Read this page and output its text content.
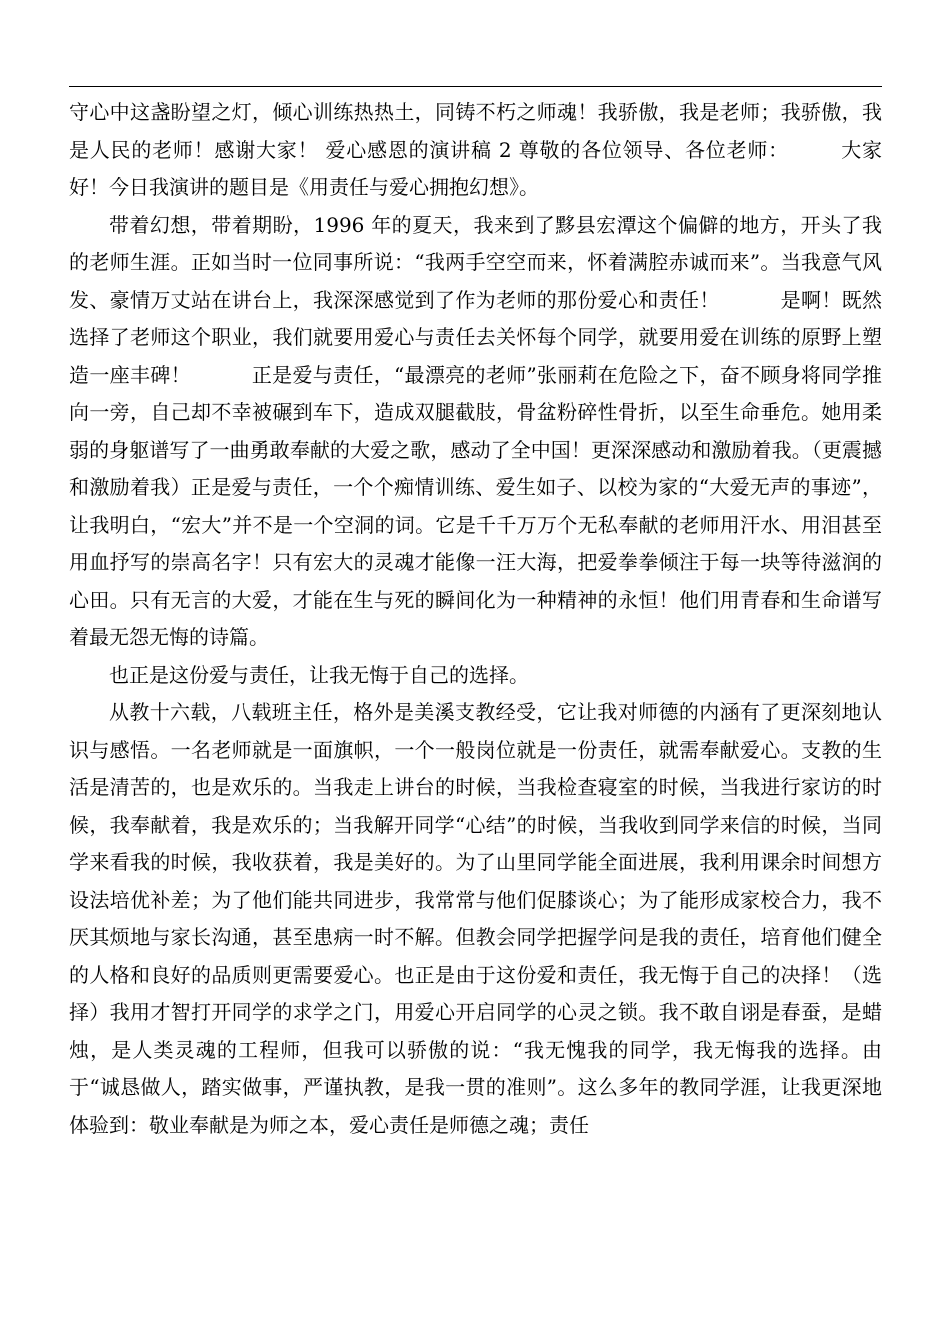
守心中这盏盼望之灯，倾心训练热热土，同铸不朽之师魂！我骄傲，我是老师；我骄傲，我是人民的老师！感谢大家！ 爱心感恩的演讲稿 2 尊敬的各位领导、各位老师：　　　大家好！今日我演讲的题目是《用责任与爱心拥抱幻想》。

带着幻想，带着期盼，1996 年的夏天，我来到了黟县宏潭这个偏僻的地方，开头了我的老师生涯。正如当时一位同事所说：“我两手空空而来，怀着满腔赤诚而来”。当我意气风发、豪情万丈站在讲台上，我深深感觉到了作为老师的那份爱心和责任！　　　是啊！既然选择了老师这个职业，我们就要用爱心与责任去关怀每个同学，就要用爱在训练的原野上塑造一座丰碑！　　　正是爱与责任，“最漂亮的老师”张丽莉在危险之下，奋不顾身将同学推向一旁，自己却不幸被碾到车下，造成双腿截肢，骨盆粉碎性骨折，以至生命垂危。她用柔弱的身躯谱写了一曲勇敢奉献的大爱之歌，感动了全中国！更深深感动和激励着我。（更震撼和激励着我）正是爱与责任，一个个痴情训练、爱生如子、以校为家的“大爱无声的事迹”，让我明白，“宏大”并不是一个空洞的词。它是千千万万个无私奉献的老师用汗水、用泪甚至用血抒写的崇高名字！只有宏大的灵魂才能像一汪大海，把爱拳拳倾注于每一块等待滋润的心田。只有无言的大爱，才能在生与死的瞬间化为一种精神的永恒！他们用青春和生命谱写着最无怨无悔的诗篇。

也正是这份爱与责任，让我无悔于自己的选择。

从教十六载，八载班主任，格外是美溪支教经受，它让我对师德的内涵有了更深刻地认识与感悟。一名老师就是一面旗帜，一个一般岗位就是一份责任，就需奉献爱心。支教的生活是清苦的，也是欢乐的。当我走上讲台的时候，当我检查寝室的时候，当我进行家访的时候，我奉献着，我是欢乐的；当我解开同学“心结”的时候，当我收到同学来信的时候，当同学来看我的时候，我收获着，我是美好的。为了山里同学能全面进展，我利用课余时间想方设法培优补差；为了他们能共同进步，我常常与他们促膝谈心；为了能形成家校合力，我不厌其烦地与家长沟通，甚至患病一时不解。但教会同学把握学问是我的责任，培育他们健全的人格和良好的品质则更需要爱心。也正是由于这份爱和责任，我无悔于自己的决择！（选择）我用才智打开同学的求学之门，用爱心开启同学的心灵之锁。我不敢自诩是春蚕，是蜡烛，是人类灵魂的工程师，但我可以骄傲的说：“我无愧我的同学，我无悔我的选择。由于“诚恳做人，踏实做事，严谨执教，是我一贯的准则”。这么多年的教同学涯，让我更深地体验到：敬业奉献是为师之本，爱心责任是师德之魂；责任
